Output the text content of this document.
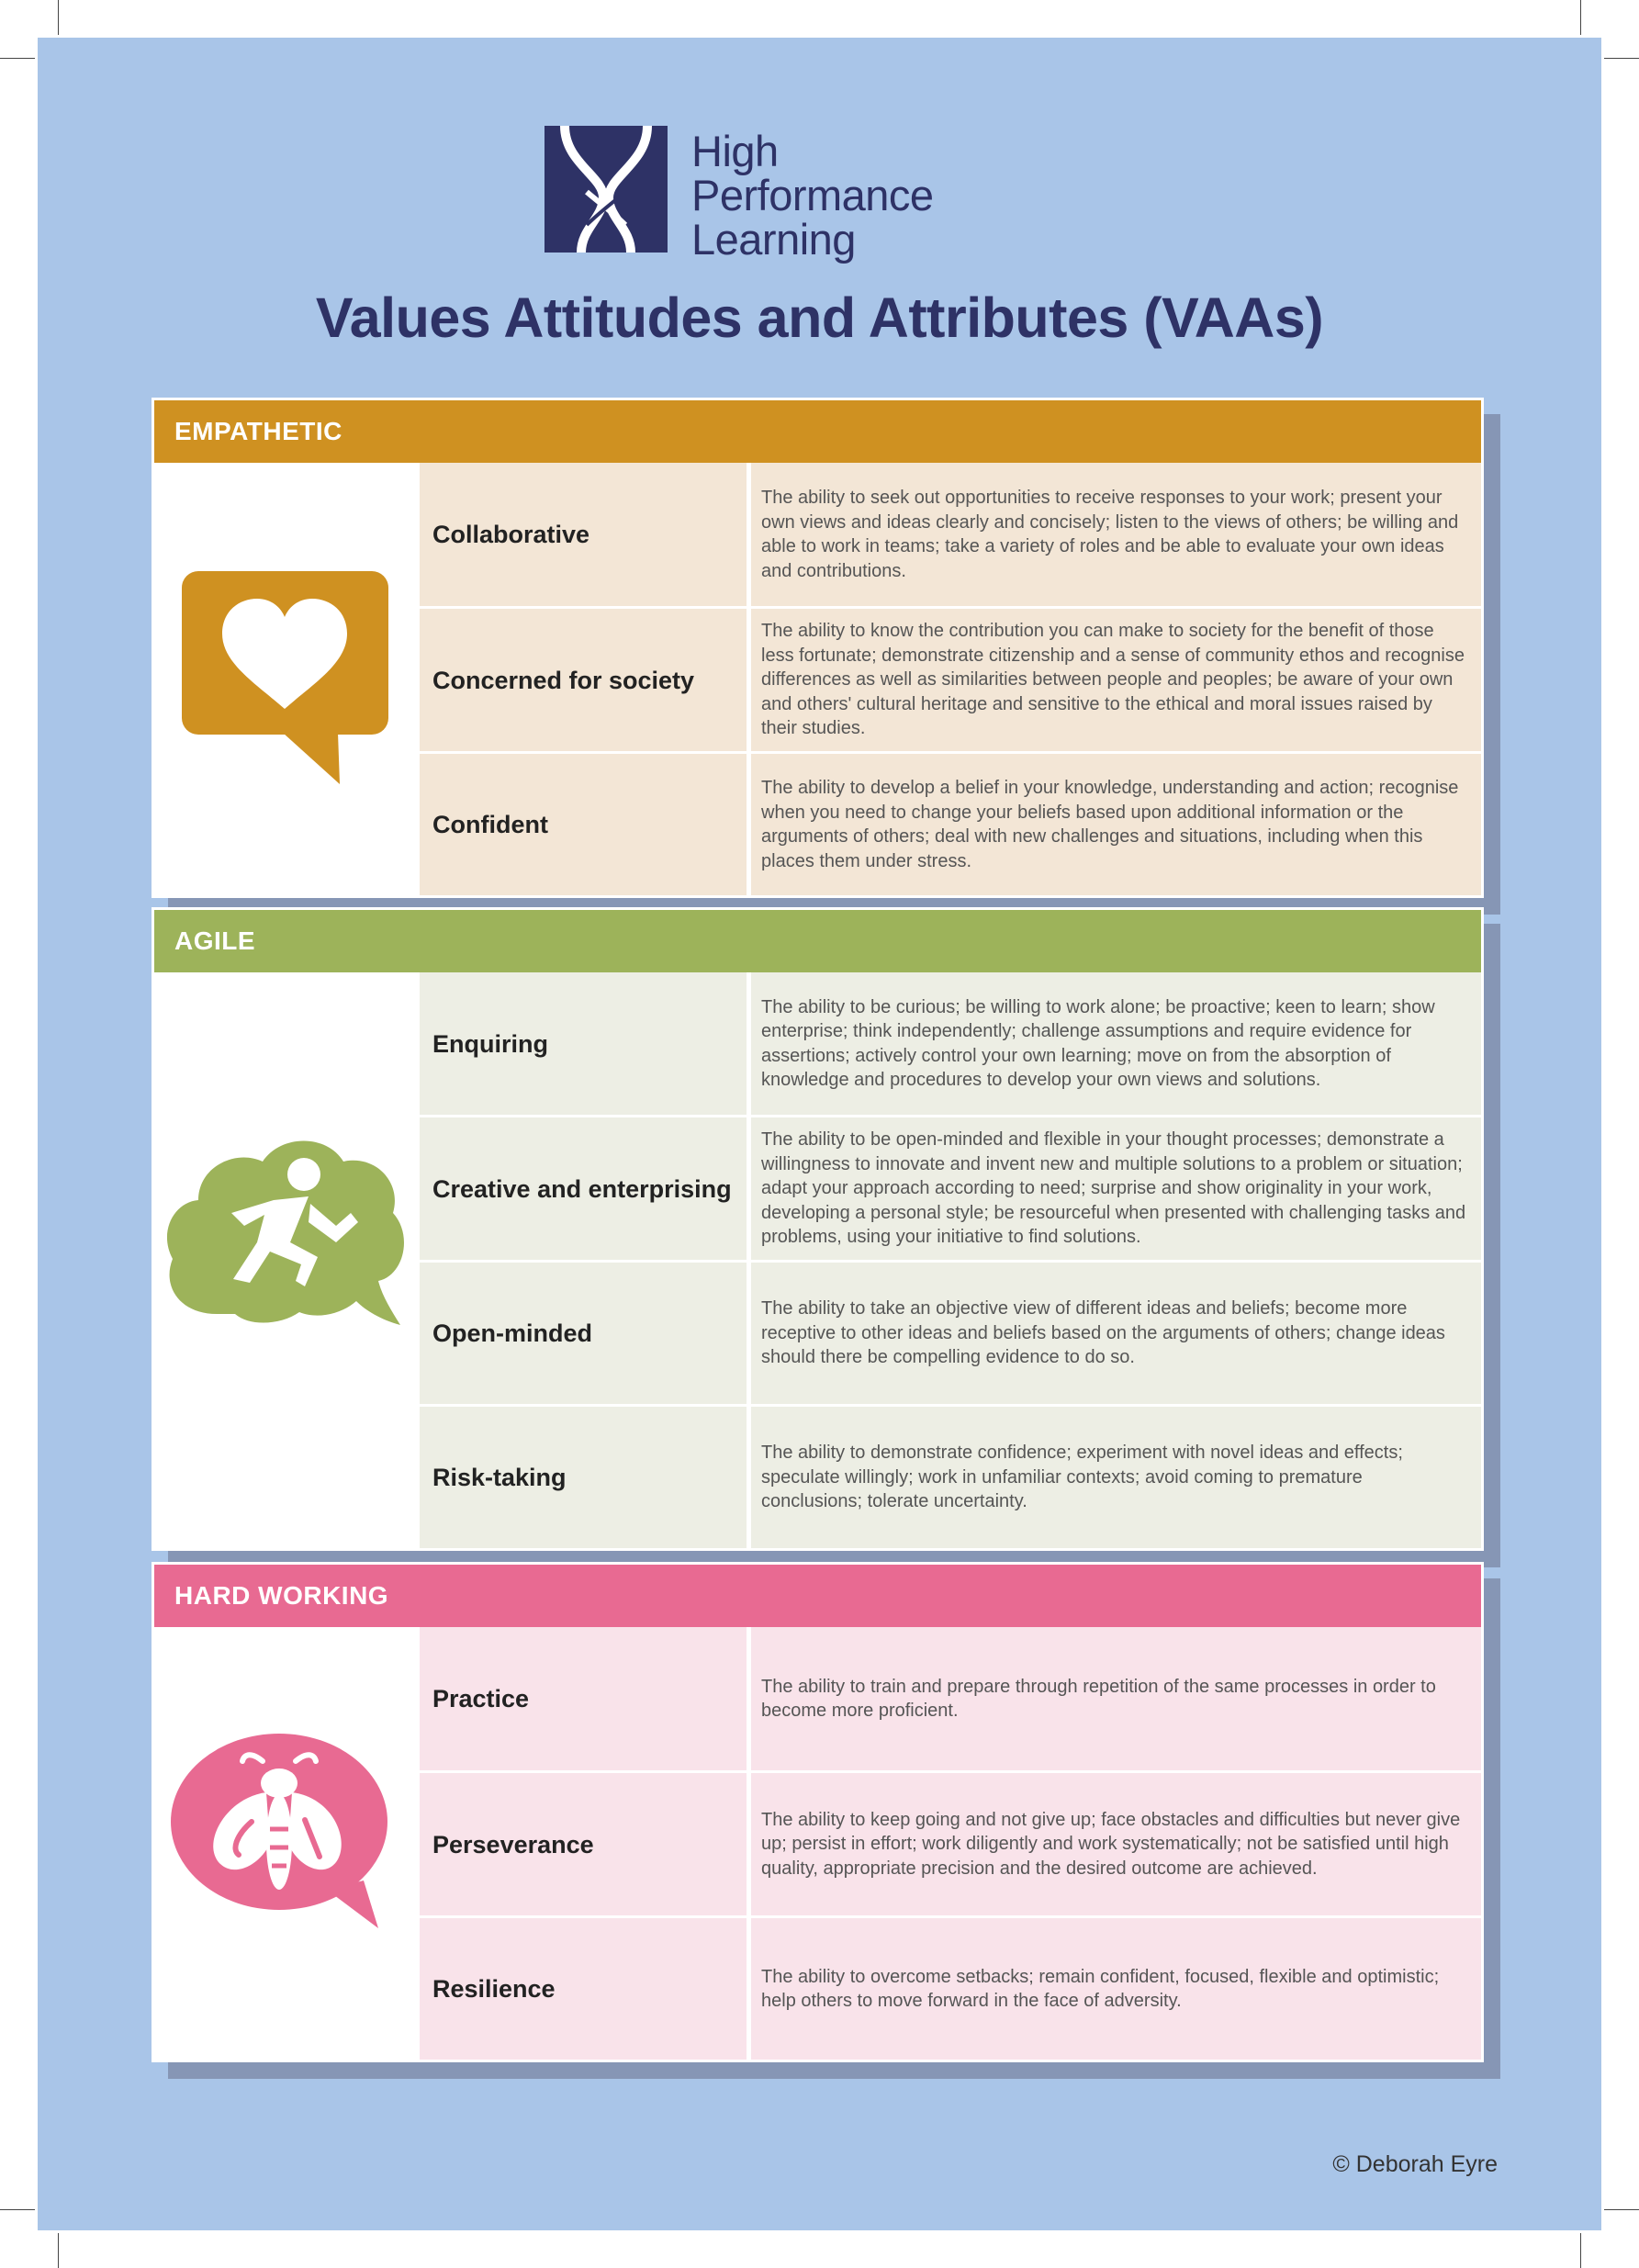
High
Performance
Learning
Values Attitudes and Attributes (VAAs)
EMPATHETIC
Collaborative
The ability to seek out opportunities to receive responses to your work; present your own views and ideas clearly and concisely; listen to the views of others; be willing and able to work in teams; take a variety of roles and be able to evaluate your own ideas and contributions.
Concerned for society
The ability to know the contribution you can make to society for the benefit of those less fortunate; demonstrate citizenship and a sense of community ethos and recognise differences as well as similarities between people and peoples; be aware of your own and others' cultural heritage and sensitive to the ethical and moral issues raised by their studies.
Confident
The ability to develop a belief in your knowledge, understanding and action; recognise when you need to change your beliefs based upon additional information or the arguments of others; deal with new challenges and situations, including when this places them under stress.
AGILE
Enquiring
The ability to be curious; be willing to work alone; be proactive; keen to learn; show enterprise; think independently; challenge assumptions and require evidence for assertions; actively control your own learning; move on from the absorption of knowledge and procedures to develop your own views and solutions.
Creative and enterprising
The ability to be open-minded and flexible in your thought processes; demonstrate a willingness to innovate and invent new and multiple solutions to a problem or situation; adapt your approach according to need; surprise and show originality in your work, developing a personal style; be resourceful when presented with challenging tasks and problems, using your initiative to find solutions.
Open-minded
The ability to take an objective view of different ideas and beliefs; become more receptive to other ideas and beliefs based on the arguments of others; change ideas should there be compelling evidence to do so.
Risk-taking
The ability to demonstrate confidence; experiment with novel ideas and effects; speculate willingly; work in unfamiliar contexts; avoid coming to premature conclusions; tolerate uncertainty.
HARD WORKING
Practice	The ability to train and prepare through repetition of the same processes in order to become more proficient.
Perseverance
The ability to keep going and not give up; face obstacles and difficulties but never give up; persist in effort; work diligently and work systematically; not be satisfied until high quality, appropriate precision and the desired outcome are achieved.
Resilience	The ability to overcome setbacks; remain confident, focused, flexible and optimistic; help others to move forward in the face of adversity.
© Deborah Eyre
